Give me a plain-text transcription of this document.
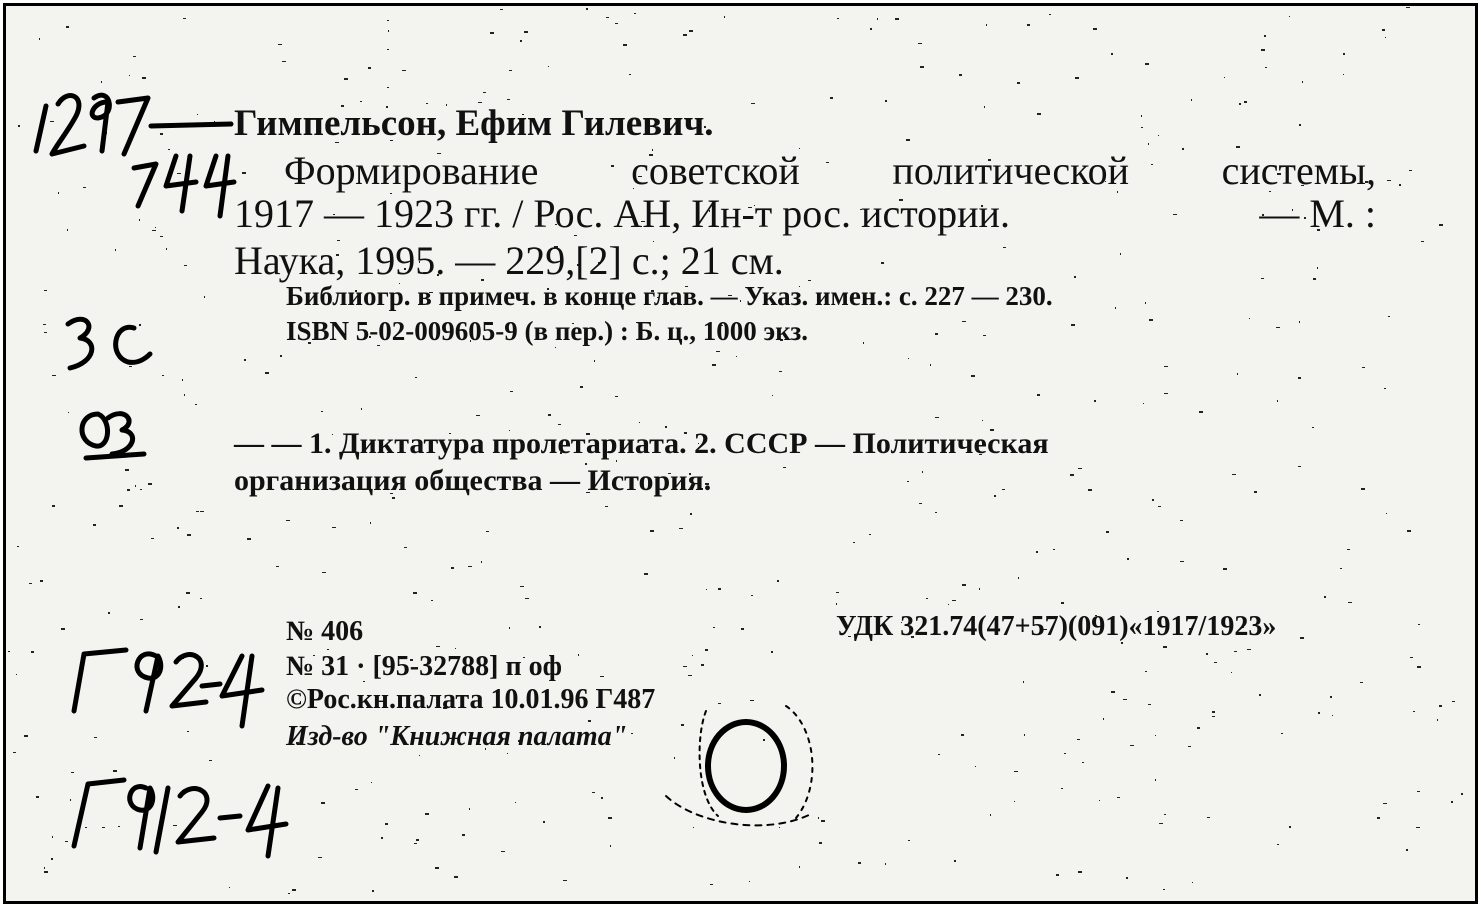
Гимпельсон, Ефим Гилевич.
Формирование советской политической системы,
1917 — 1923 гг. / Рос. АН, Ин-т рос. истории.	— М. :
Наука, 1995. — 229,[2] с.; 21 см.
Библиогр. в примеч. в конце глав. — Указ. имен.: с. 227 — 230.
ISBN 5-02-009605-9 (в пер.) : Б. ц., 1000 экз.
— — 1. Диктатура пролетариата. 2. СССР — Политическая
организация общества — История.
№ 406
№ 31 · [95-32788] п оф
©Рос.кн.палата 10.01.96 Г487
Изд-во "Книжная палата"
УДК 321.74(47+57)(091)«1917/1923»
